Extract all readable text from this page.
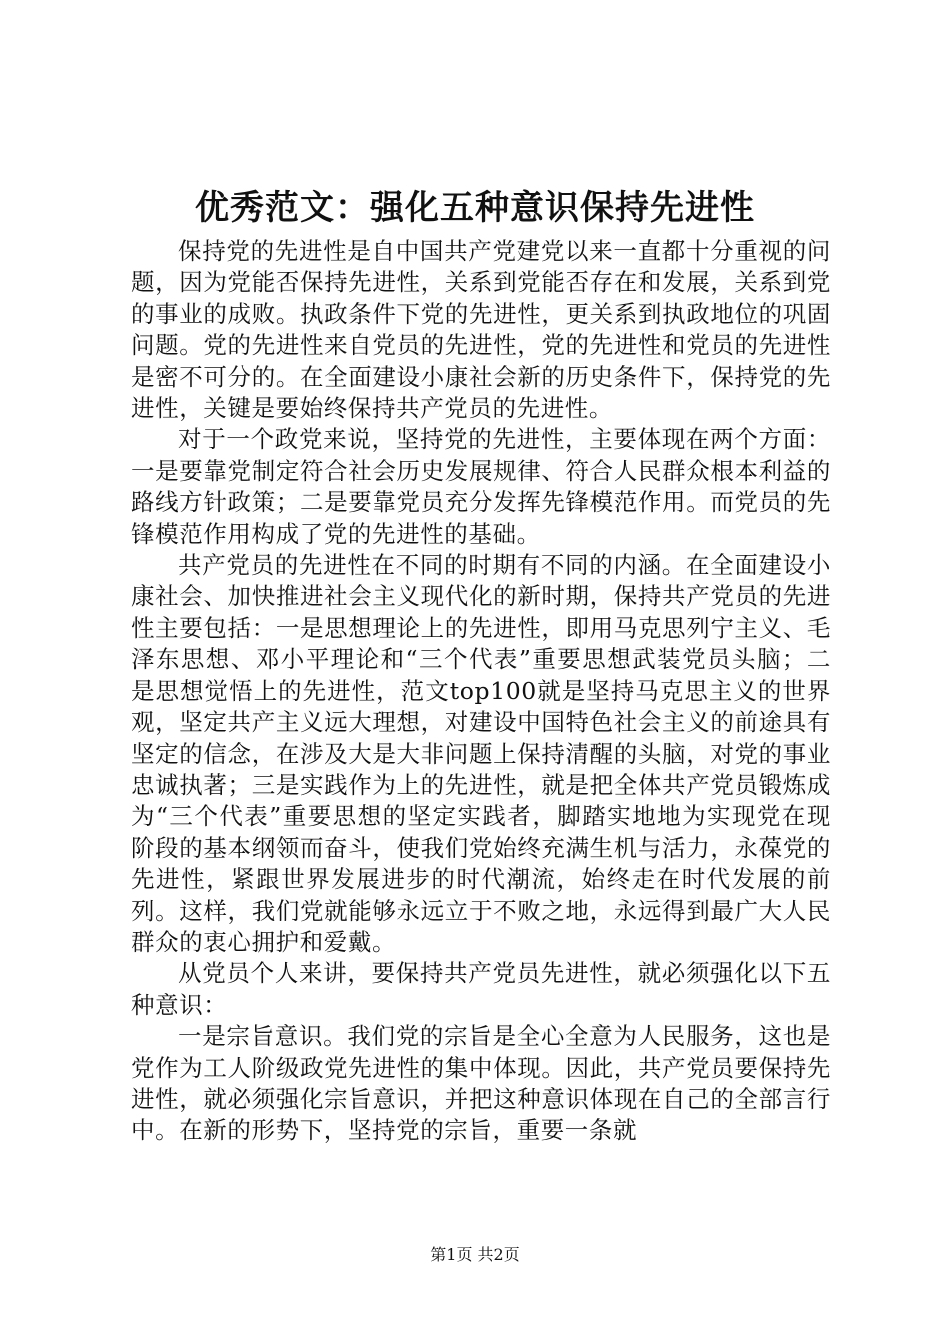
优秀范文：强化五种意识保持先进性

保持党的先进性是自中国共产党建党以来一直都十分重视的问题，因为党能否保持先进性，关系到党能否存在和发展，关系到党的事业的成败。执政条件下党的先进性，更关系到执政地位的巩固问题。党的先进性来自党员的先进性，党的先进性和党员的先进性是密不可分的。在全面建设小康社会新的历史条件下，保持党的先进性，关键是要始终保持共产党员的先进性。

对于一个政党来说，坚持党的先进性，主要体现在两个方面：一是要靠党制定符合社会历史发展规律、符合人民群众根本利益的路线方针政策；二是要靠党员充分发挥先锋模范作用。而党员的先锋模范作用构成了党的先进性的基础。

共产党员的先进性在不同的时期有不同的内涵。在全面建设小康社会、加快推进社会主义现代化的新时期，保持共产党员的先进性主要包括：一是思想理论上的先进性，即用马克思列宁主义、毛泽东思想、邓小平理论和“三个代表”重要思想武装党员头脑；二是思想觉悟上的先进性，范文top100就是坚持马克思主义的世界观，坚定共产主义远大理想，对建设中国特色社会主义的前途具有坚定的信念，在涉及大是大非问题上保持清醒的头脑，对党的事业忠诚执著；三是实践作为上的先进性，就是把全体共产党员锻炼成为“三个代表”重要思想的坚定实践者，脚踏实地地为实现党在现阶段的基本纲领而奋斗，使我们党始终充满生机与活力，永葆党的先进性，紧跟世界发展进步的时代潮流，始终走在时代发展的前列。这样，我们党就能够永远立于不败之地，永远得到最广大人民群众的衷心拥护和爱戴。

从党员个人来讲，要保持共产党员先进性，就必须强化以下五种意识：

一是宗旨意识。我们党的宗旨是全心全意为人民服务，这也是党作为工人阶级政党先进性的集中体现。因此，共产党员要保持先进性，就必须强化宗旨意识，并把这种意识体现在自己的全部言行中。在新的形势下，坚持党的宗旨，重要一条就

第1页 共2页
